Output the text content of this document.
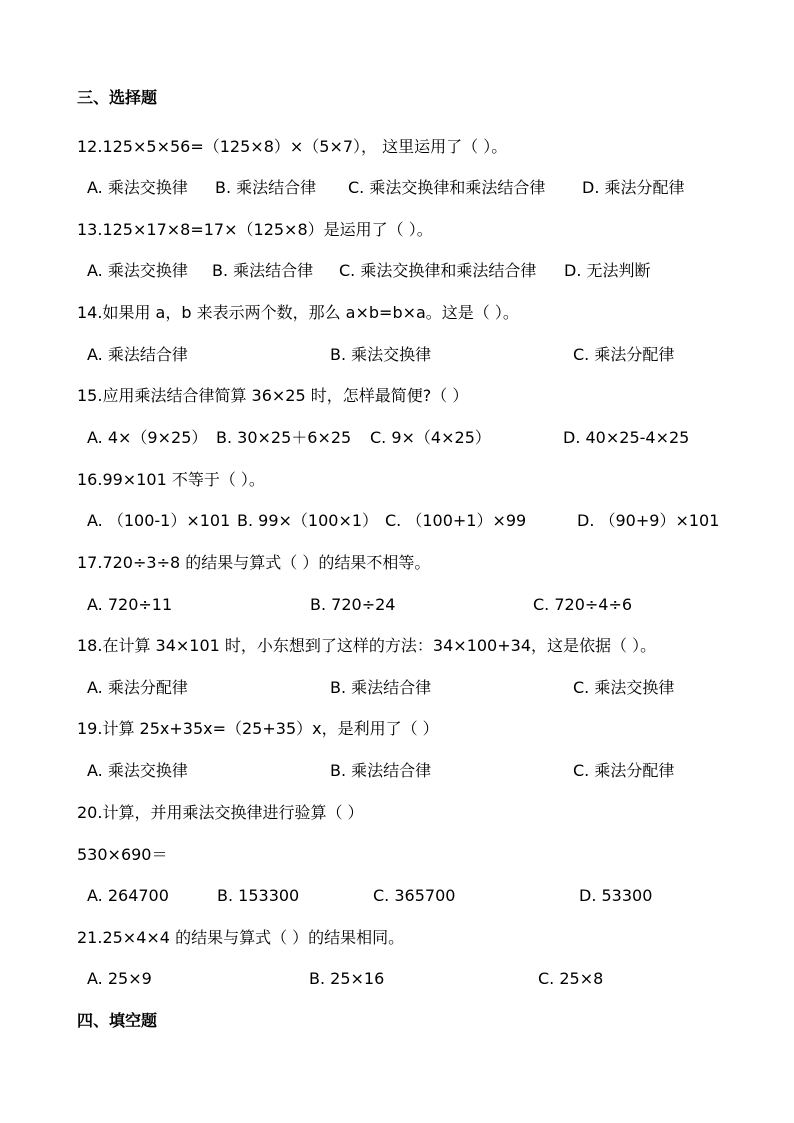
三、选择题
12.125×5×56=（125×8）×（5×7）， 这里运用了（ ）。
A. 乘法交换律 B. 乘法结合律 C. 乘法交换律和乘法结合律 D. 乘法分配律
13.125×17×8=17×（125×8）是运用了（ ）。
A. 乘法交换律 B. 乘法结合律 C. 乘法交换律和乘法结合律 D. 无法判断
14.如果用 a，b 来表示两个数，那么 a×b=b×a。这是（ ）。
A. 乘法结合律	B. 乘法交换律	C. 乘法分配律
15.应用乘法结合律简算 36×25 时，怎样最简便?（ ）
A. 4×（9×25） B. 30×25＋6×25 C. 9×（4×25）	D. 40×25-4×25
16.99×101 不等于（ ）。
A. （100-1）×101 B. 99×（100×1） C. （100+1）×99	D. （90+9）×101
17.720÷3÷8 的结果与算式（ ）的结果不相等。
A. 720÷11	B. 720÷24	C. 720÷4÷6
18.在计算 34×101 时，小东想到了这样的方法：34×100+34，这是依据（ ）。
A. 乘法分配律	B. 乘法结合律	C. 乘法交换律
19.计算 25x+35x=（25+35）x，是利用了（ ）
A. 乘法交换律	B. 乘法结合律	C. 乘法分配律
20.计算，并用乘法交换律进行验算（ ）
530×690＝
A. 264700	B. 153300	C. 365700	D. 53300
21.25×4×4 的结果与算式（ ）的结果相同。
A. 25×9	B. 25×16	C. 25×8
四、填空题
